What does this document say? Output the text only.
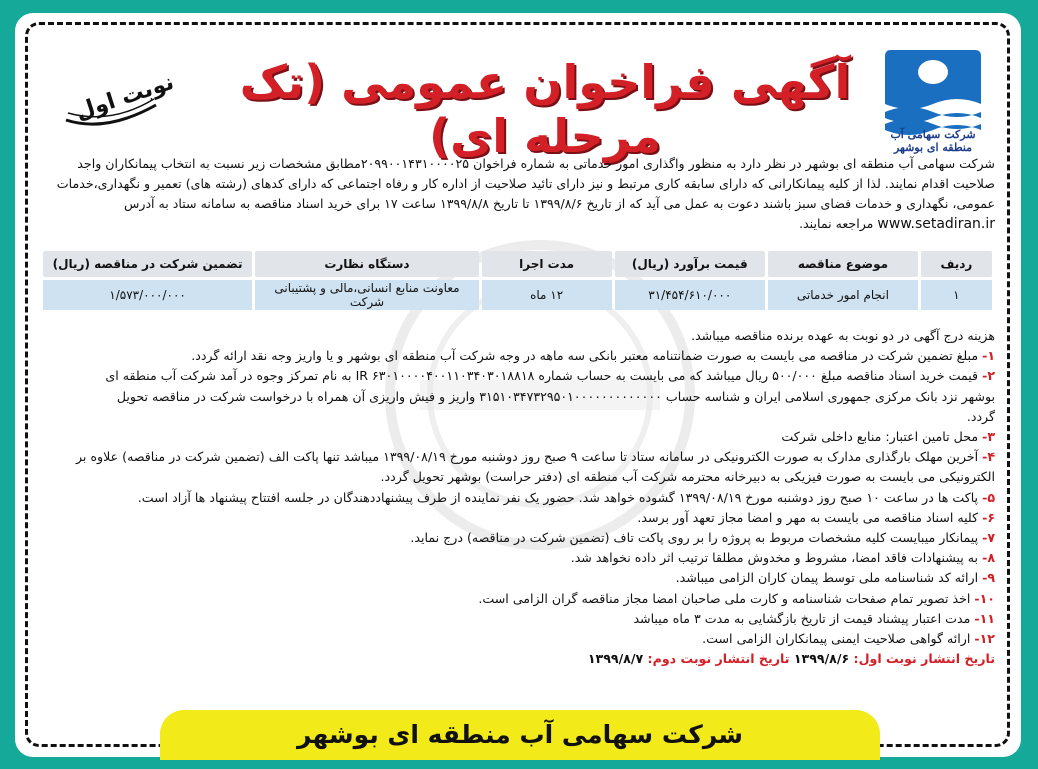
شرکت سهامی آب منطقه ای بوشهر
آگهی فراخوان عمومی (تک مرحله ای)
نوبت اول
شرکت سهامی آب منطقه ای بوشهر در نظر دارد به منظور واگذاری امور خدماتی به شماره فراخوان ۲۰۹۹۰۰۱۴۳۱۰۰۰۰۲۵مطابق مشخصات زیر نسبت به انتخاب پیمانکاران واجد
صلاحیت اقدام نمایند. لذا از کلیه پیمانکارانی که دارای سابقه کاری مرتبط و نیز دارای تائید صلاحیت از اداره کار و رفاه اجتماعی که دارای کدهای (رشته های) تعمیر و نگهداری،خدمات
عمومی، نگهداری و خدمات فضای سبز باشند دعوت به عمل می آید که از تاریخ ۱۳۹۹/۸/۶ تا تاریخ ۱۳۹۹/۸/۸ ساعت ۱۷ برای خرید اسناد مناقصه به سامانه ستاد به آدرس
www.setadiran.ir مراجعه نمایند.
ردیف	موضوع مناقصه	قیمت برآورد (ریال)	مدت اجرا	دستگاه نظارت	تضمین شرکت در مناقصه (ریال)
۱	انجام امور خدماتی	۳۱/۴۵۴/۶۱۰/۰۰۰	۱۲ ماه	معاونت منابع انسانی،مالی و پشتیبانی شرکت	۱/۵۷۳/۰۰۰/۰۰۰
هزینه درج آگهی در دو نوبت به عهده برنده مناقصه میباشد.
۱- مبلغ تضمین شرکت در مناقصه می بایست به صورت ضمانتنامه معتبر بانکی سه ماهه در وجه شرکت آب منطقه ای بوشهر و یا واریز وجه نقد ارائه گردد.
۲- قیمت خرید اسناد مناقصه مبلغ ۵۰۰/۰۰۰ ریال میباشد که می بایست به حساب شماره IR ۶۳۰۱۰۰۰۰۴۰۰۱۱۰۳۴۰۳۰۱۸۸۱۸ به نام تمرکز وجوه در آمد شرکت آب منطقه ای
بوشهر نزد بانک مرکزی جمهوری اسلامی ایران و شناسه حساب ۳۱۵۱۰۳۴۷۳۲۹۵۰۱۰۰۰۰۰۰۰۰۰۰۰۰۰ واریز و فیش واریزی آن همراه با درخواست شرکت در مناقصه تحویل
گردد.
۳- محل تامین اعتبار: منابع داخلی شرکت
۴- آخرین مهلک بارگذاری مدارک به صورت الکترونیکی در سامانه ستاد تا ساعت ۹ صبح روز دوشنبه مورخ ۱۳۹۹/۰۸/۱۹ میباشد تنها پاکت الف (تضمین شرکت در مناقصه) علاوه بر
الکترونیکی می بایست به صورت فیزیکی به دبیرخانه محترمه شرکت آب منطقه ای (دفتر حراست) بوشهر تحویل گردد.
۵- پاکت ها در ساعت ۱۰ صبح روز دوشنبه مورخ ۱۳۹۹/۰۸/۱۹ گشوده خواهد شد. حضور یک نفر نماینده از طرف پیشنهاددهندگان در جلسه افتتاح پیشنهاد ها آزاد است.
۶- کلیه اسناد مناقصه می بایست به مهر و امضا مجاز تعهد آور برسد.
۷- پیمانکار میبایست کلیه مشخصات مربوط به پروژه را بر روی پاکت تاف (تضمین شرکت در مناقصه) درج نماید.
۸- به پیشنهادات فاقد امضا، مشروط و مخدوش مطلقا ترتیب اثر داده نخواهد شد.
۹- ارائه کد شناسنامه ملی توسط پیمان کاران الزامی میباشد.
۱۰- اخذ تصویر تمام صفحات شناسنامه و کارت ملی صاحبان امضا مجاز مناقصه گران الزامی است.
۱۱- مدت اعتبار پیشناد قیمت از تاریخ بازگشایی به مدت ۳ ماه میباشد
۱۲- ارائه گواهی صلاحیت ایمنی پیمانکاران الزامی است.
تاریخ انتشار نوبت اول: ۱۳۹۹/۸/۶ تاریخ انتشار نوبت دوم: ۱۳۹۹/۸/۷
شرکت سهامی آب منطقه ای بوشهر
